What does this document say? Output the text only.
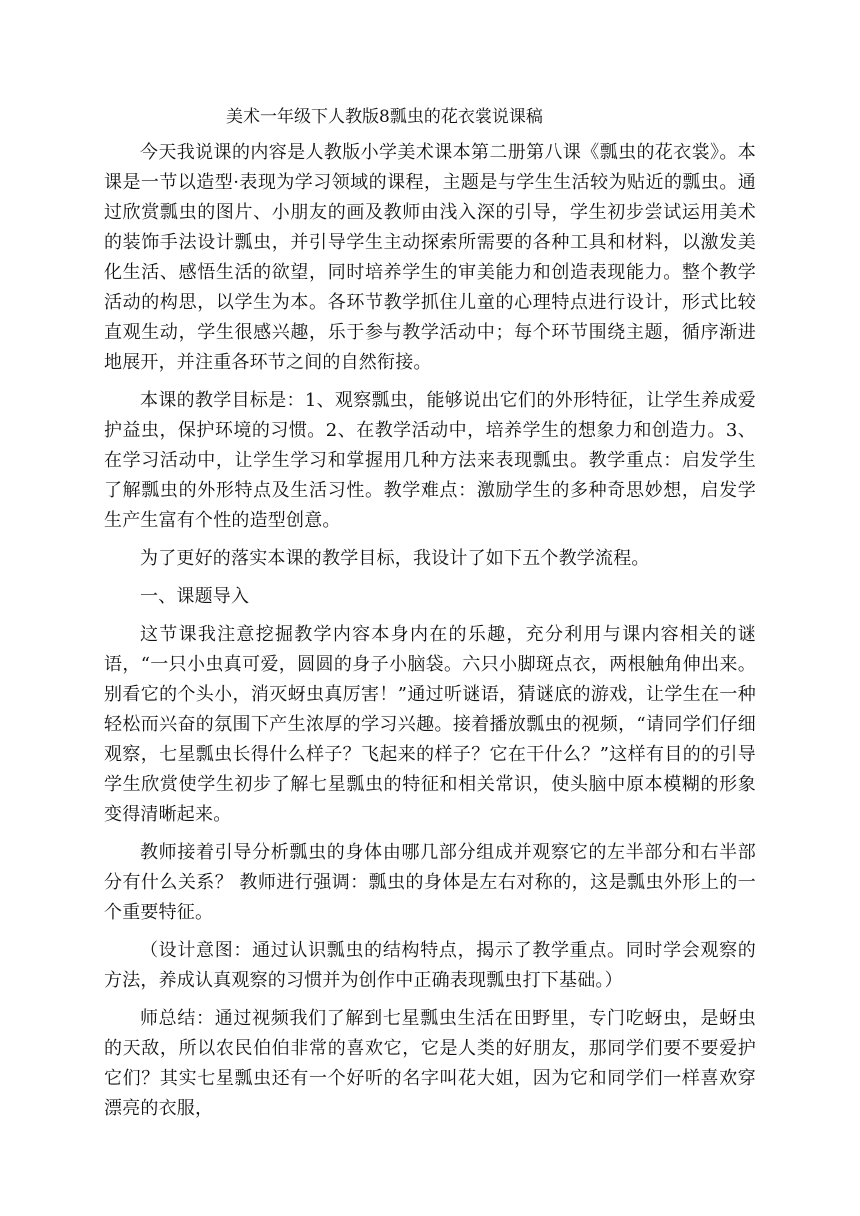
美术一年级下人教版8瓢虫的花衣裳说课稿

今天我说课的内容是人教版小学美术课本第二册第八课《瓢虫的花衣裳》。本课是一节以造型·表现为学习领域的课程，主题是与学生生活较为贴近的瓢虫。通过欣赏瓢虫的图片、小朋友的画及教师由浅入深的引导，学生初步尝试运用美术的装饰手法设计瓢虫，并引导学生主动探索所需要的各种工具和材料，以激发美化生活、感悟生活的欲望，同时培养学生的审美能力和创造表现能力。整个教学活动的构思，以学生为本。各环节教学抓住儿童的心理特点进行设计，形式比较直观生动，学生很感兴趣，乐于参与教学活动中；每个环节围绕主题，循序渐进地展开，并注重各环节之间的自然衔接。

本课的教学目标是：1、观察瓢虫，能够说出它们的外形特征，让学生养成爱护益虫，保护环境的习惯。2、在教学活动中，培养学生的想象力和创造力。3、在学习活动中，让学生学习和掌握用几种方法来表现瓢虫。教学重点：启发学生了解瓢虫的外形特点及生活习性。教学难点：激励学生的多种奇思妙想，启发学生产生富有个性的造型创意。

为了更好的落实本课的教学目标，我设计了如下五个教学流程。

一、课题导入

这节课我注意挖掘教学内容本身内在的乐趣，充分利用与课内容相关的谜语，“一只小虫真可爱，圆圆的身子小脑袋。六只小脚斑点衣，两根触角伸出来。别看它的个头小，消灭蚜虫真厉害！”通过听谜语，猜谜底的游戏，让学生在一种轻松而兴奋的氛围下产生浓厚的学习兴趣。接着播放瓢虫的视频，“请同学们仔细观察，七星瓢虫长得什么样子？飞起来的样子？它在干什么？”这样有目的的引导学生欣赏使学生初步了解七星瓢虫的特征和相关常识，使头脑中原本模糊的形象变得清晰起来。

教师接着引导分析瓢虫的身体由哪几部分组成并观察它的左半部分和右半部分有什么关系？ 教师进行强调：瓢虫的身体是左右对称的，这是瓢虫外形上的一个重要特征。

（设计意图：通过认识瓢虫的结构特点，揭示了教学重点。同时学会观察的方法，养成认真观察的习惯并为创作中正确表现瓢虫打下基础。）

师总结：通过视频我们了解到七星瓢虫生活在田野里，专门吃蚜虫，是蚜虫的天敌，所以农民伯伯非常的喜欢它，它是人类的好朋友，那同学们要不要爱护它们？其实七星瓢虫还有一个好听的名字叫花大姐，因为它和同学们一样喜欢穿漂亮的衣服，
